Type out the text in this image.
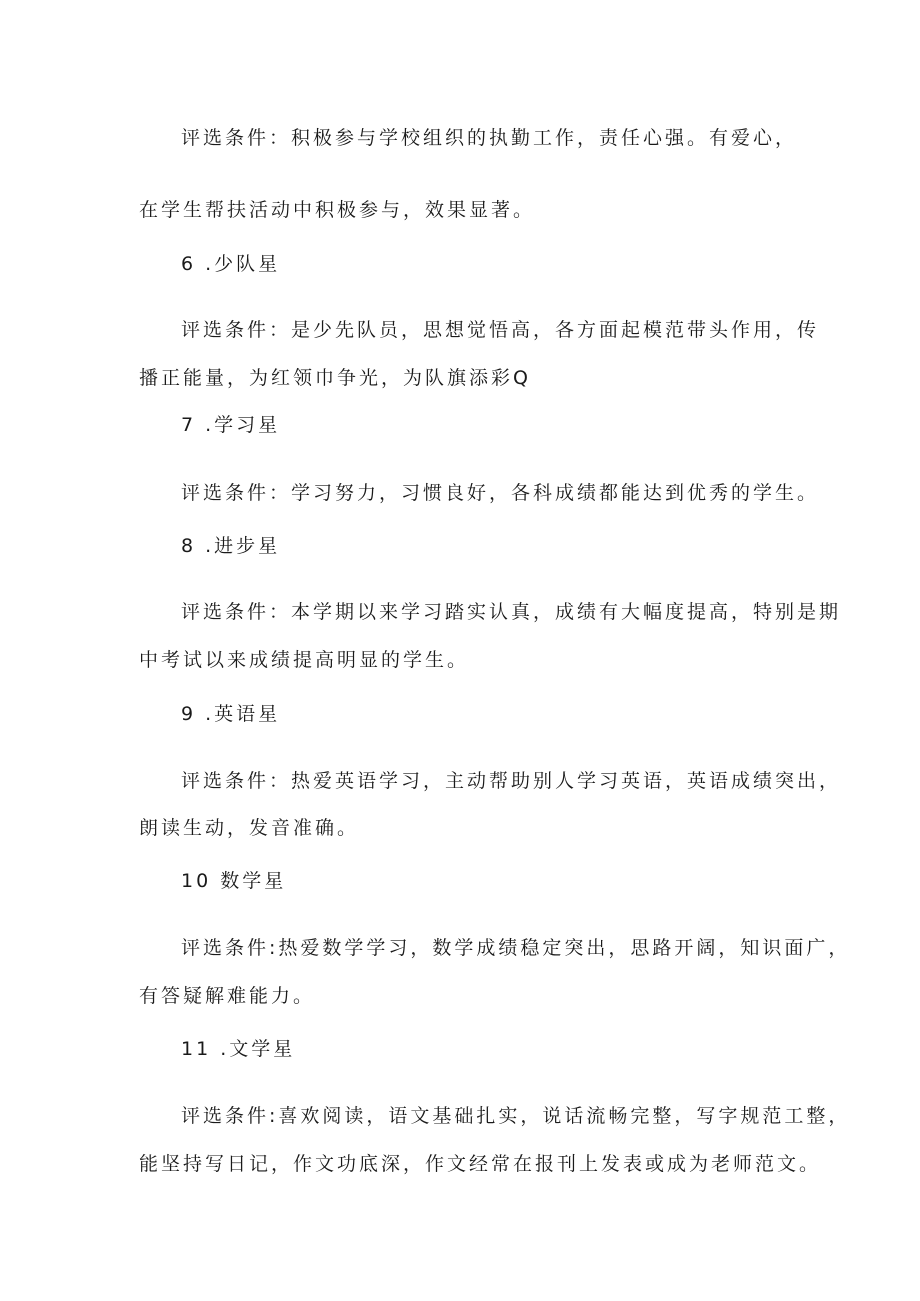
评选条件：积极参与学校组织的执勤工作，责任心强。有爱心，
在学生帮扶活动中积极参与，效果显著。
6 .少队星
评选条件：是少先队员，思想觉悟高，各方面起模范带头作用，传
播正能量，为红领巾争光，为队旗添彩Q
7 .学习星
评选条件：学习努力，习惯良好，各科成绩都能达到优秀的学生。
8 .进步星
评选条件：本学期以来学习踏实认真，成绩有大幅度提高，特别是期
中考试以来成绩提高明显的学生。
9 .英语星
评选条件：热爱英语学习，主动帮助别人学习英语，英语成绩突出，
朗读生动，发音准确。
10 数学星
评选条件:热爱数学学习，数学成绩稳定突出，思路开阔，知识面广，
有答疑解难能力。
11 .文学星
评选条件:喜欢阅读，语文基础扎实，说话流畅完整，写字规范工整，
能坚持写日记，作文功底深，作文经常在报刊上发表或成为老师范文。
